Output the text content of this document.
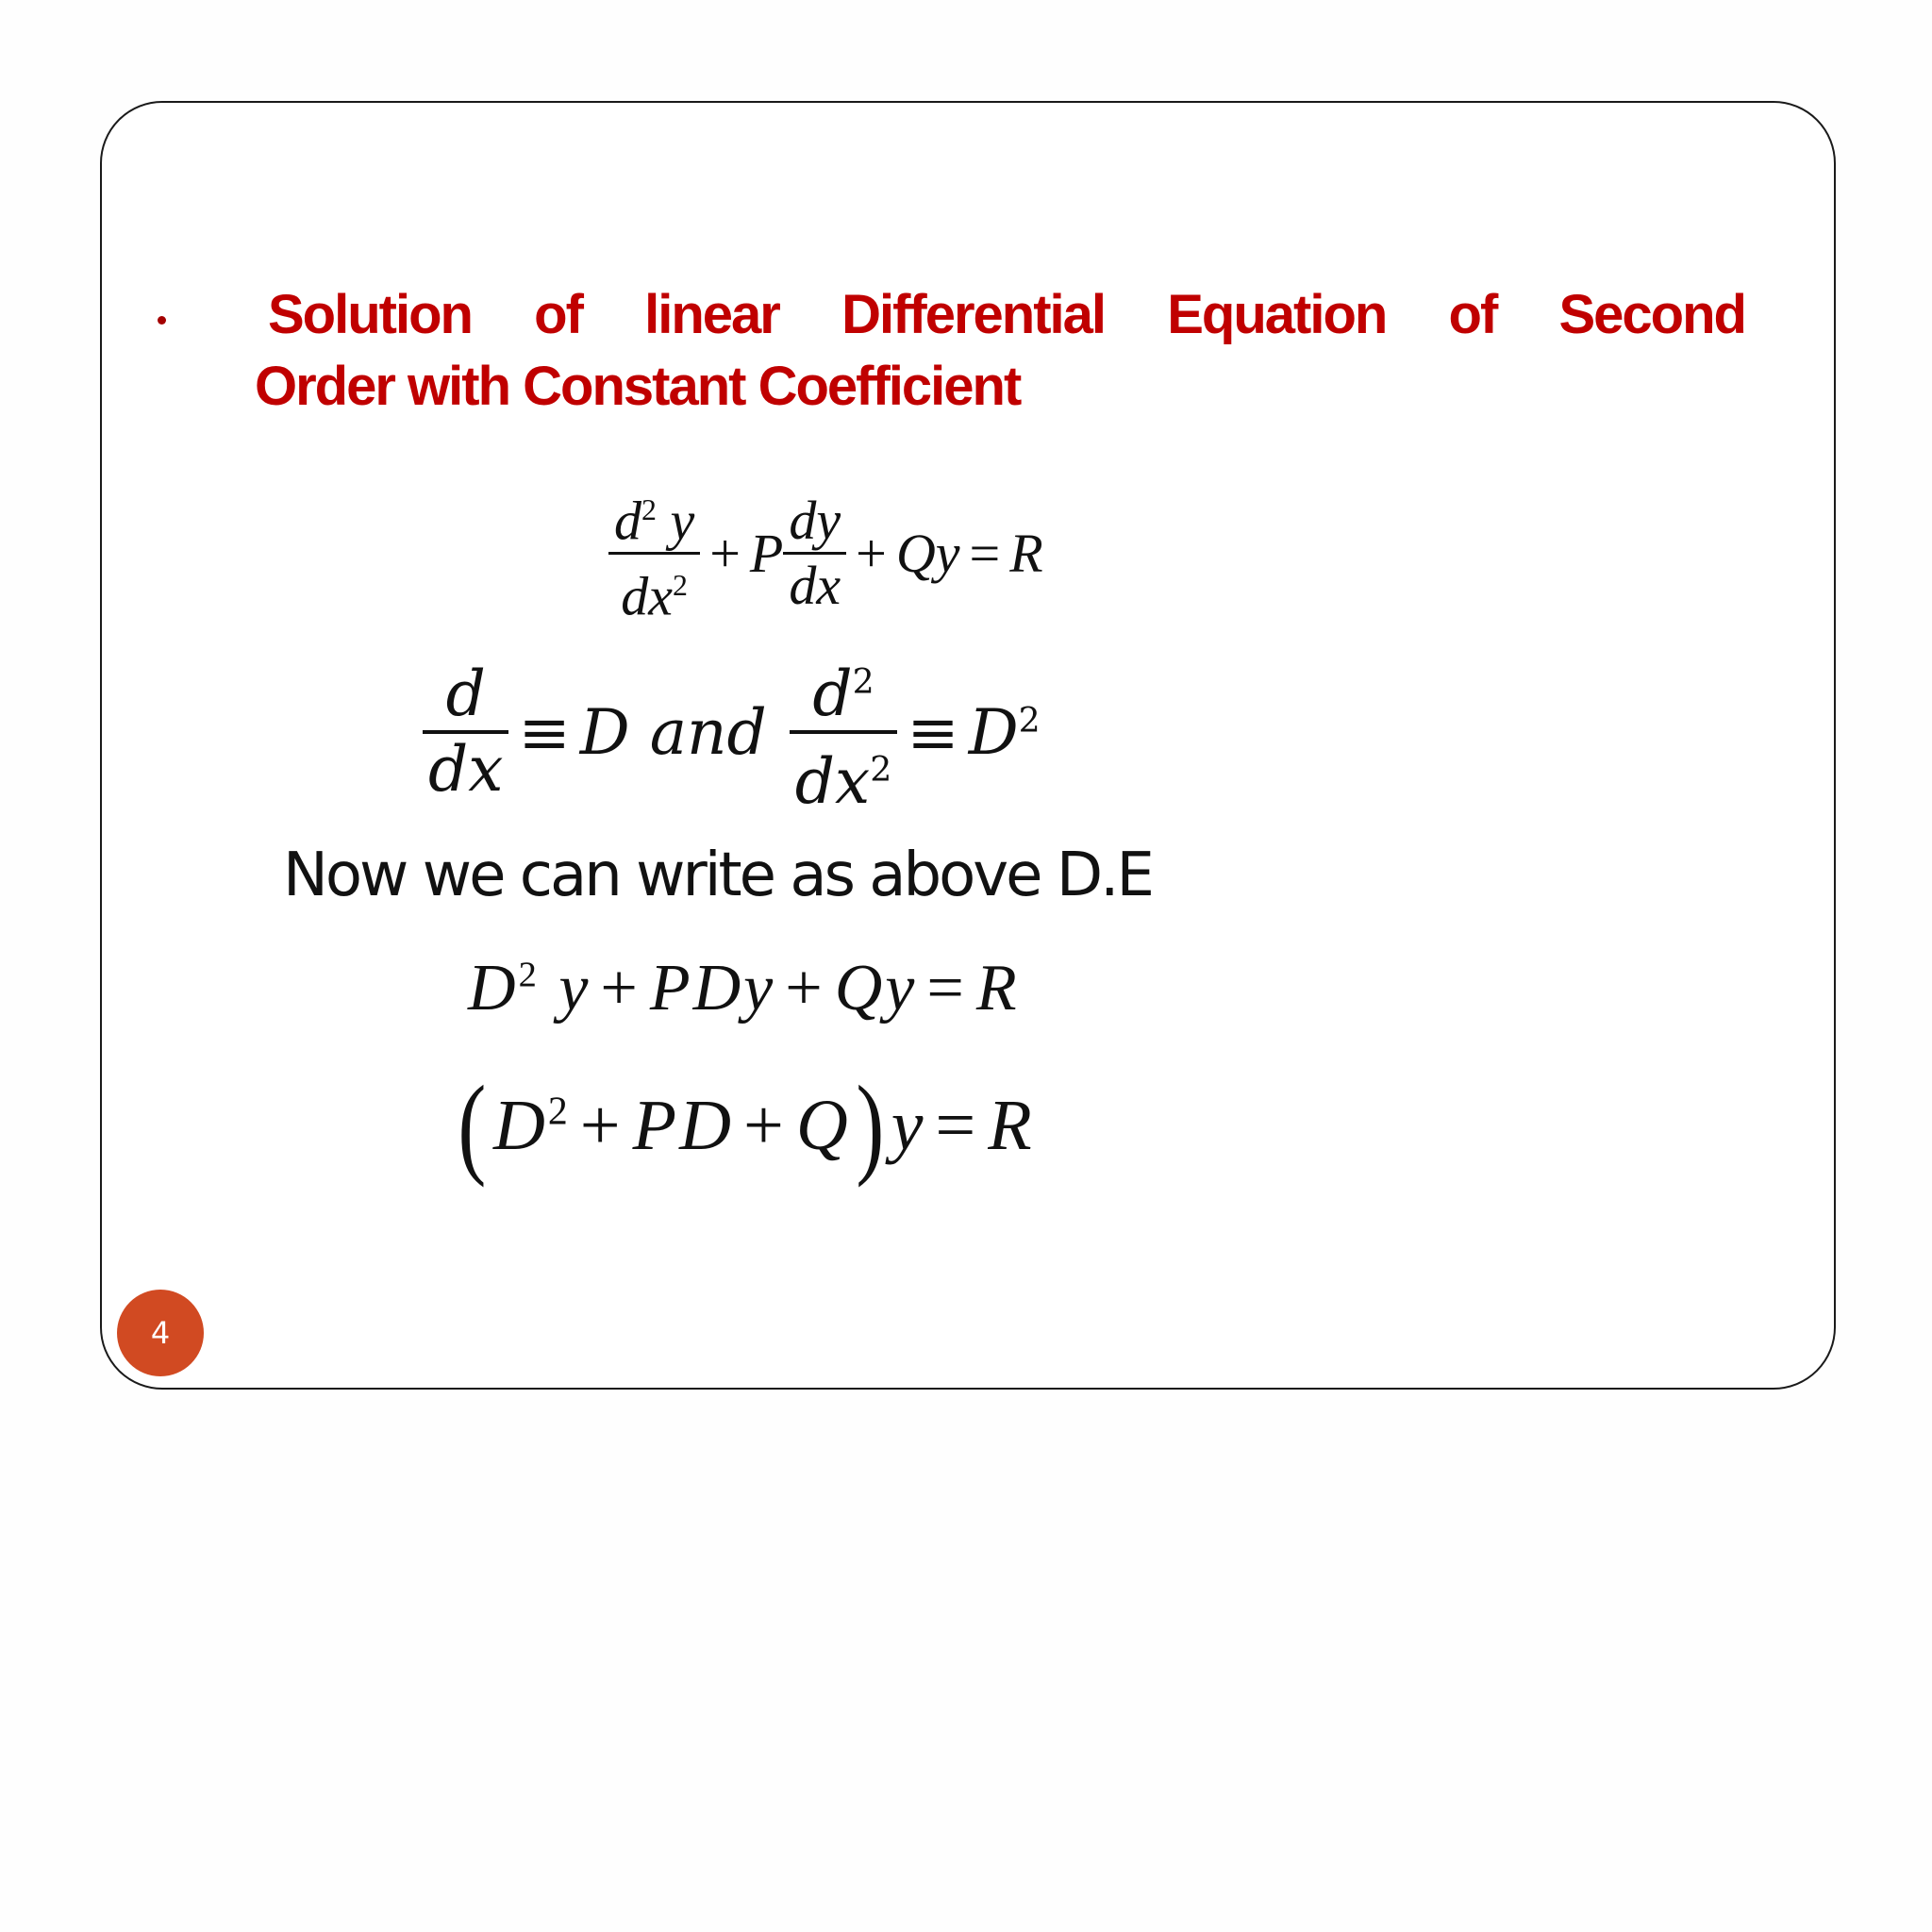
Solution of linear Differential Equation of Second
Order with Constant Coefficient
$\frac{d^2 y}{dx^2} + P \frac{dy}{dx} + Qy = R$
$\frac{d}{dx} \equiv D$ and $\frac{d^2}{dx^2} \equiv D^2$
Now we can write as above D.E
$D^2$ y + PDy + Qy = R
( $D^2$ + PD + Q ) y = R
4
